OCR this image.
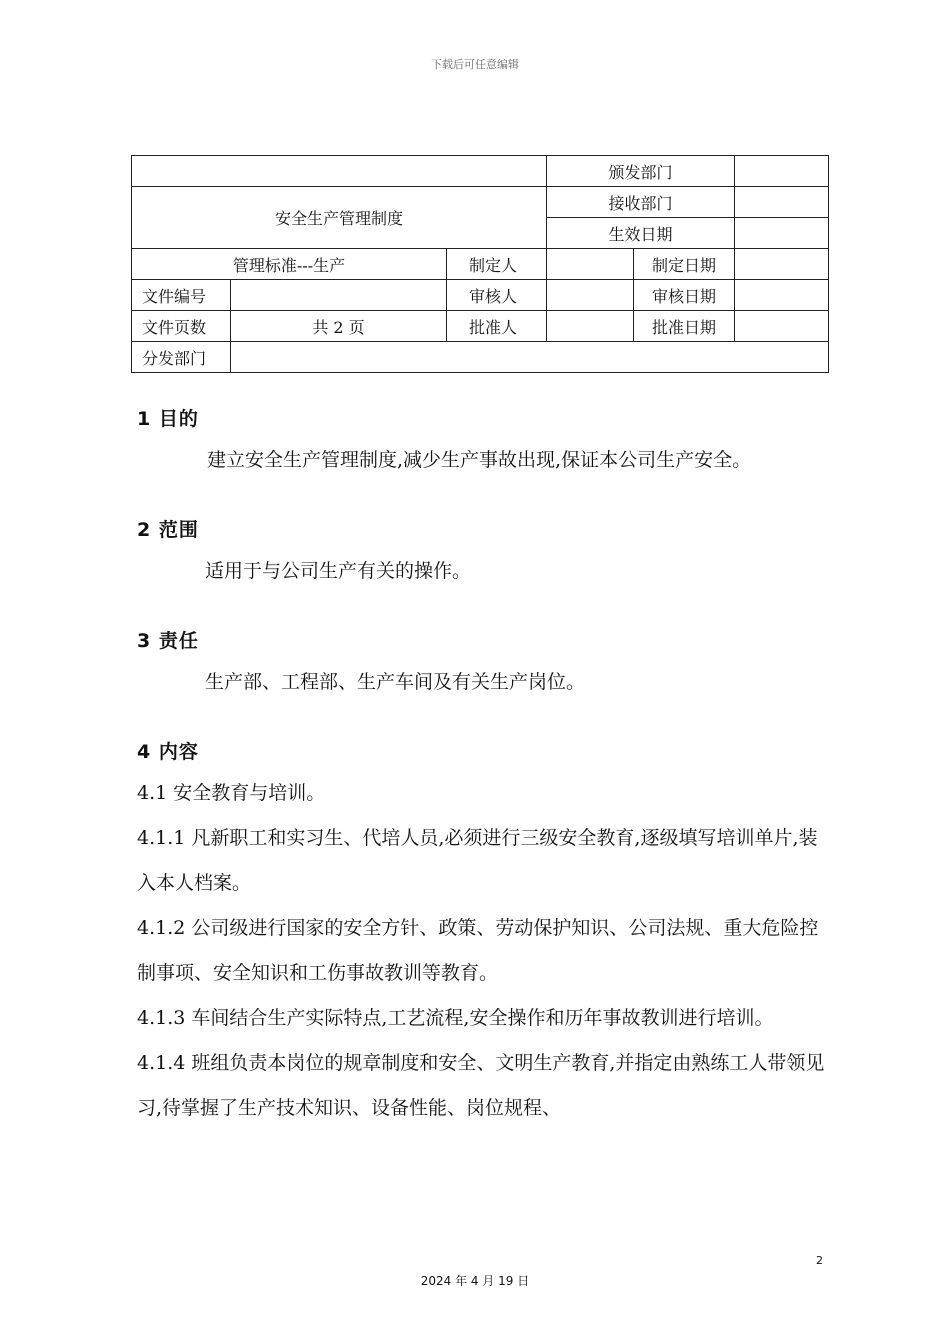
下载后可任意编辑
			颁发部门		
安全生产管理制度			接收部门		
			生效日期		
管理标准---生产		制定人		制定日期	
文件编号		审核人		审核日期	
文件页数	共 2 页	批准人		批准日期	
分发部门					
1 目的

建立安全生产管理制度,减少生产事故出现,保证本公司生产安全。

2 范围

适用于与公司生产有关的操作。

3 责任

生产部、工程部、生产车间及有关生产岗位。

4 内容

4.1 安全教育与培训。

4.1.1 凡新职工和实习生、代培人员,必须进行三级安全教育,逐级填写培训单片,装入本人档案。

4.1.2 公司级进行国家的安全方针、政策、劳动保护知识、公司法规、重大危险控制事项、安全知识和工伤事故教训等教育。

4.1.3 车间结合生产实际特点,工艺流程,安全操作和历年事故教训进行培训。

4.1.4 班组负责本岗位的规章制度和安全、文明生产教育,并指定由熟练工人带领见习,待掌握了生产技术知识、设备性能、岗位规程、

2
2024 年 4 月 19 日
